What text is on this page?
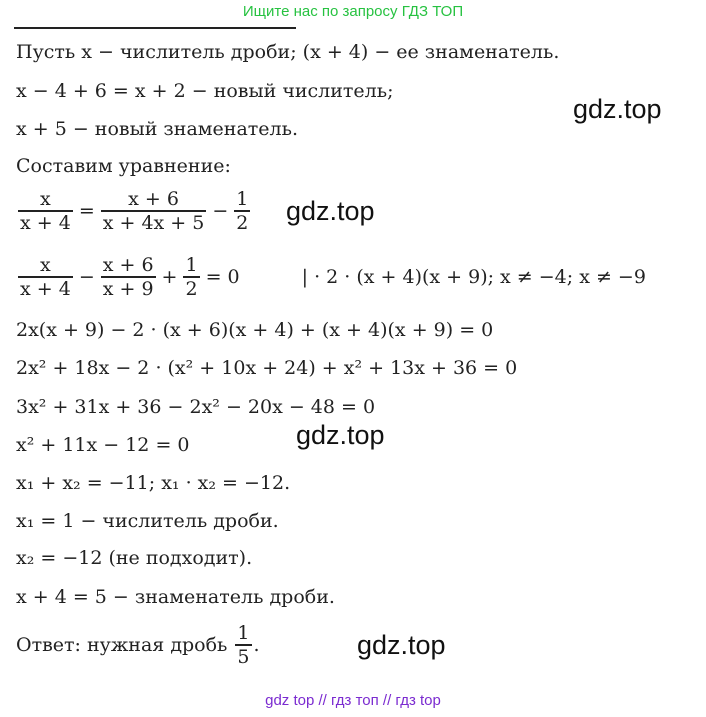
Ищите нас по запросу ГДЗ ТОП
Пусть x − числитель дроби; (x + 4) − ее знаменатель.
x − 4 + 6 = x + 2 − новый числитель;
x + 5 − новый знаменатель.
Составим уравнение:
$\frac{x}{x + 4} = \frac{x + 6}{x + 4x + 5} - \frac{1}{2}$
$\frac{x}{x + 4} - \frac{x + 6}{x + 9} + \frac{1}{2} = 0$	| · 2 · (x + 4)(x + 9); x ≠ −4; x ≠ −9
2x(x + 9) − 2 · (x + 6)(x + 4) + (x + 4)(x + 9) = 0
2x² + 18x − 2 · (x² + 10x + 24) + x² + 13x + 36 = 0
3x² + 31x + 36 − 2x² − 20x − 48 = 0
x² + 11x − 12 = 0
x₁ + x₂ = −11; x₁ · x₂ = −12.
x₁ = 1 − числитель дроби.
x₂ = −12 (не подходит).
x + 4 = 5 − знаменатель дроби.
Ответ: нужная дробь $\frac{1}{5}$ .
gdz.top
gdz.top
gdz.top
gdz.top
gdz top // гдз топ // гдз top
